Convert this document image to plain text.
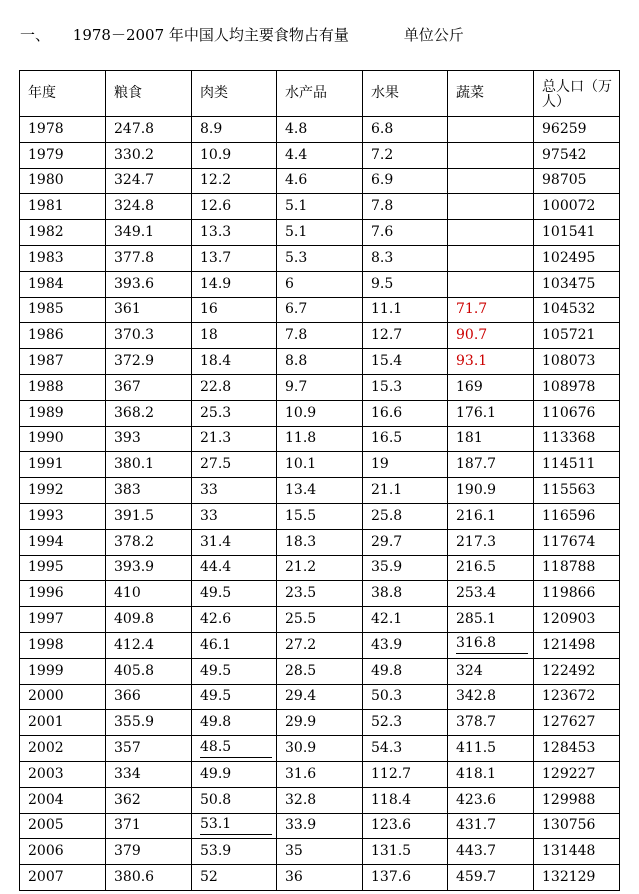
一、 1978－2007 年中国人均主要食物占有量	单位公斤
年度	粮食	肉类	水产品	水果	蔬菜	总人口（万人）
1978	247.8	8.9	4.8	6.8		96259
1979	330.2	10.9	4.4	7.2		97542
1980	324.7	12.2	4.6	6.9		98705
1981	324.8	12.6	5.1	7.8		100072
1982	349.1	13.3	5.1	7.6		101541
1983	377.8	13.7	5.3	8.3		102495
1984	393.6	14.9	6	9.5		103475
1985	361	16	6.7	11.1	71.7	104532
1986	370.3	18	7.8	12.7	90.7	105721
1987	372.9	18.4	8.8	15.4	93.1	108073
1988	367	22.8	9.7	15.3	169	108978
1989	368.2	25.3	10.9	16.6	176.1	110676
1990	393	21.3	11.8	16.5	181	113368
1991	380.1	27.5	10.1	19	187.7	114511
1992	383	33	13.4	21.1	190.9	115563
1993	391.5	33	15.5	25.8	216.1	116596
1994	378.2	31.4	18.3	29.7	217.3	117674
1995	393.9	44.4	21.2	35.9	216.5	118788
1996	410	49.5	23.5	38.8	253.4	119866
1997	409.8	42.6	25.5	42.1	285.1	120903
1998	412.4	46.1	27.2	43.9	316.8	121498
1999	405.8	49.5	28.5	49.8	324	122492
2000	366	49.5	29.4	50.3	342.8	123672
2001	355.9	49.8	29.9	52.3	378.7	127627
2002	357	48.5	30.9	54.3	411.5	128453
2003	334	49.9	31.6	112.7	418.1	129227
2004	362	50.8	32.8	118.4	423.6	129988
2005	371	53.1	33.9	123.6	431.7	130756
2006	379	53.9	35	131.5	443.7	131448
2007	380.6	52	36	137.6	459.7	132129
